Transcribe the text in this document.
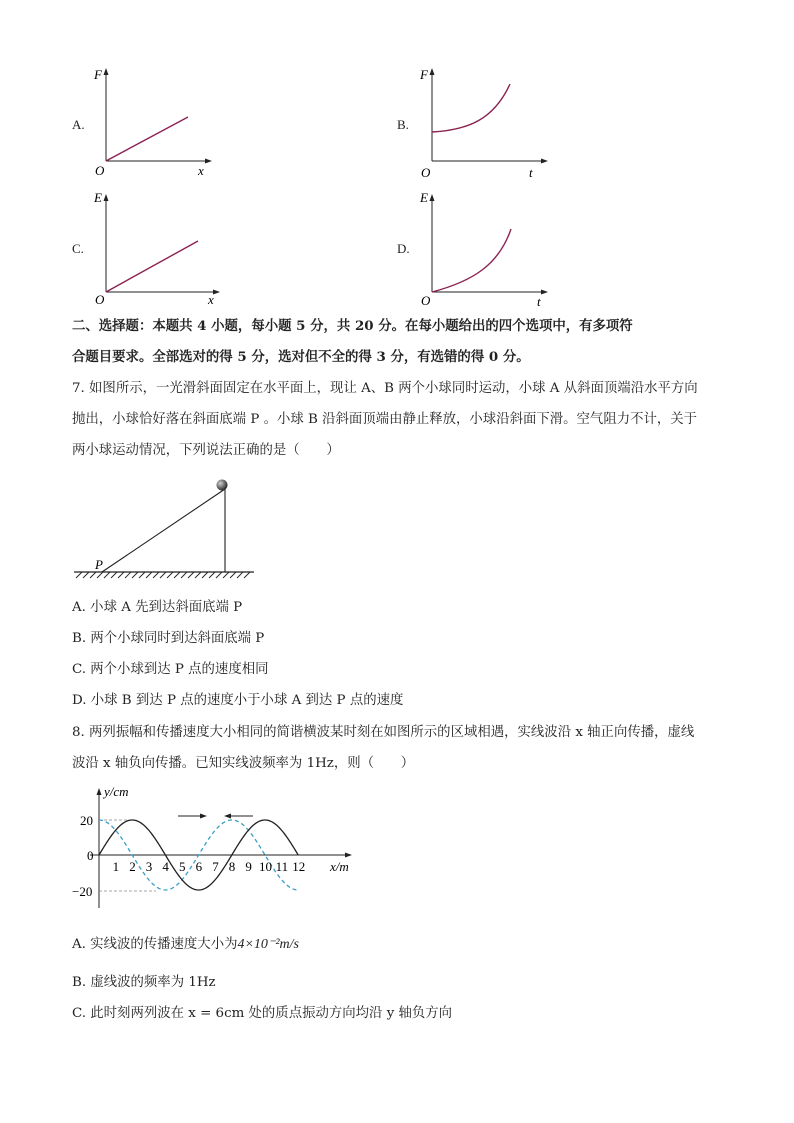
A.	B.
C.	D.
F
O	x
F
O	t
E
O	x
E
O	t
二、选择题：本题共 4 小题，每小题 5 分，共 20 分。在每小题给出的四个选项中，有多项符
合题目要求。全部选对的得 5 分，选对但不全的得 3 分，有选错的得 0 分。
7. 如图所示，一光滑斜面固定在水平面上，现让 A、B 两个小球同时运动，小球 A 从斜面顶端沿水平方向
抛出，小球恰好落在斜面底端 P 。小球 B 沿斜面顶端由静止释放，小球沿斜面下滑。空气阻力不计，关于
两小球运动情况，下列说法正确的是（　　）
P
A. 小球 A 先到达斜面底端 P
B. 两个小球同时到达斜面底端 P
C. 两个小球到达 P 点的速度相同
D. 小球 B 到达 P 点的速度小于小球 A 到达 P 点的速度
8. 两列振幅和传播速度大小相同的简谐横波某时刻在如图所示的区域相遇，实线波沿 x 轴正向传播，虚线
波沿 x 轴负向传播。已知实线波频率为 1Hz，则（　　）
y/cm
x/m
20
0
−20
1 2 3 4 5 6 7 8 9 10 11 12
A. 实线波的传播速度大小为4×10⁻²m/s
B. 虚线波的频率为 1Hz
C. 此时刻两列波在 x = 6cm 处的质点振动方向均沿 y 轴负方向
